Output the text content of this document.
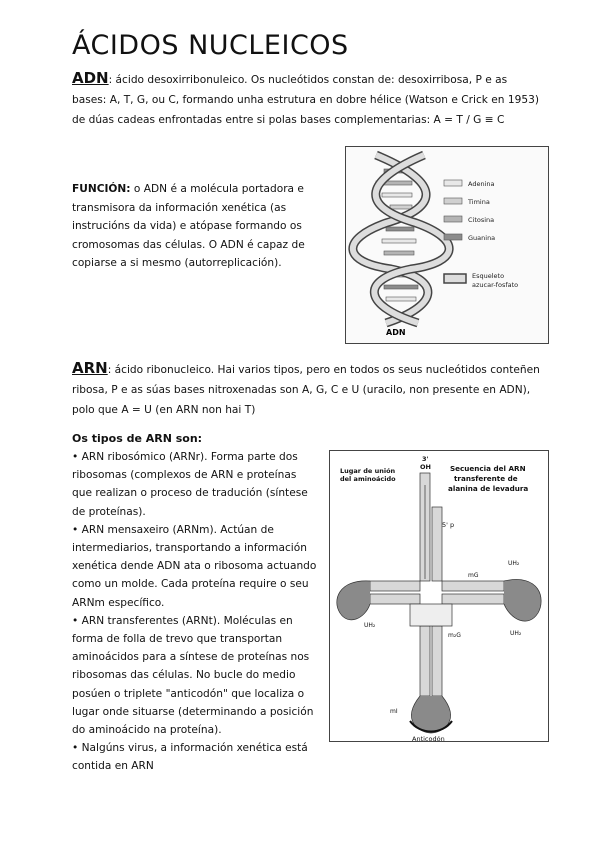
ÁCIDOS NUCLEICOS
ADN: ácido desoxirribonuleico. Os nucleótidos constan de: desoxirribosa, P e as bases: A, T, G, ou C, formando unha estrutura en dobre hélice (Watson e Crick en 1953) de dúas cadeas enfrontadas entre si polas bases complementarias: A = T / G ≡ C
FUNCIÓN: o ADN é a molécula portadora e transmisora da información xenética (as instrucións da vida) e atópase formando os cromosomas das células. O ADN é capaz de copiarse a si mesmo (autorreplicación).
Adenina
Timina
Citosina
Guanina
Esqueleto
azucar-fosfato
ADN
ARN: ácido ribonucleico. Hai varios tipos, pero en todos os seus nucleótidos conteñen ribosa, P e as súas bases nitroxenadas son A, G, C e U (uracilo, non presente en ADN), polo que A = U (en ARN non hai T)
Os tipos de ARN son:

• ARN ribosómico (ARNr). Forma parte dos ribosomas (complexos de ARN e proteínas que realizan o proceso de tradución (síntese de proteínas).

• ARN mensaxeiro (ARNm). Actúan de intermediarios, transportando a información xenética dende ADN ata o ribosoma actuando como un molde. Cada proteína require o seu ARNm específico.

• ARN transferentes (ARNt). Moléculas en forma de folla de trevo que transportan aminoácidos para a síntese de proteínas nos ribosomas das células. No bucle do medio posúen o triplete "anticodón" que localiza o lugar onde situarse (determinando a posición do aminoácido na proteína).

• Nalgúns virus, a información xenética está contida en ARN

Lugar de unión
del aminoácido
Secuencia del ARN
transferente de
alanina de levadura
3'
OH
5' p
mG
UH₂
UH₂
m₂G	UH₂
mI
Anticodón
